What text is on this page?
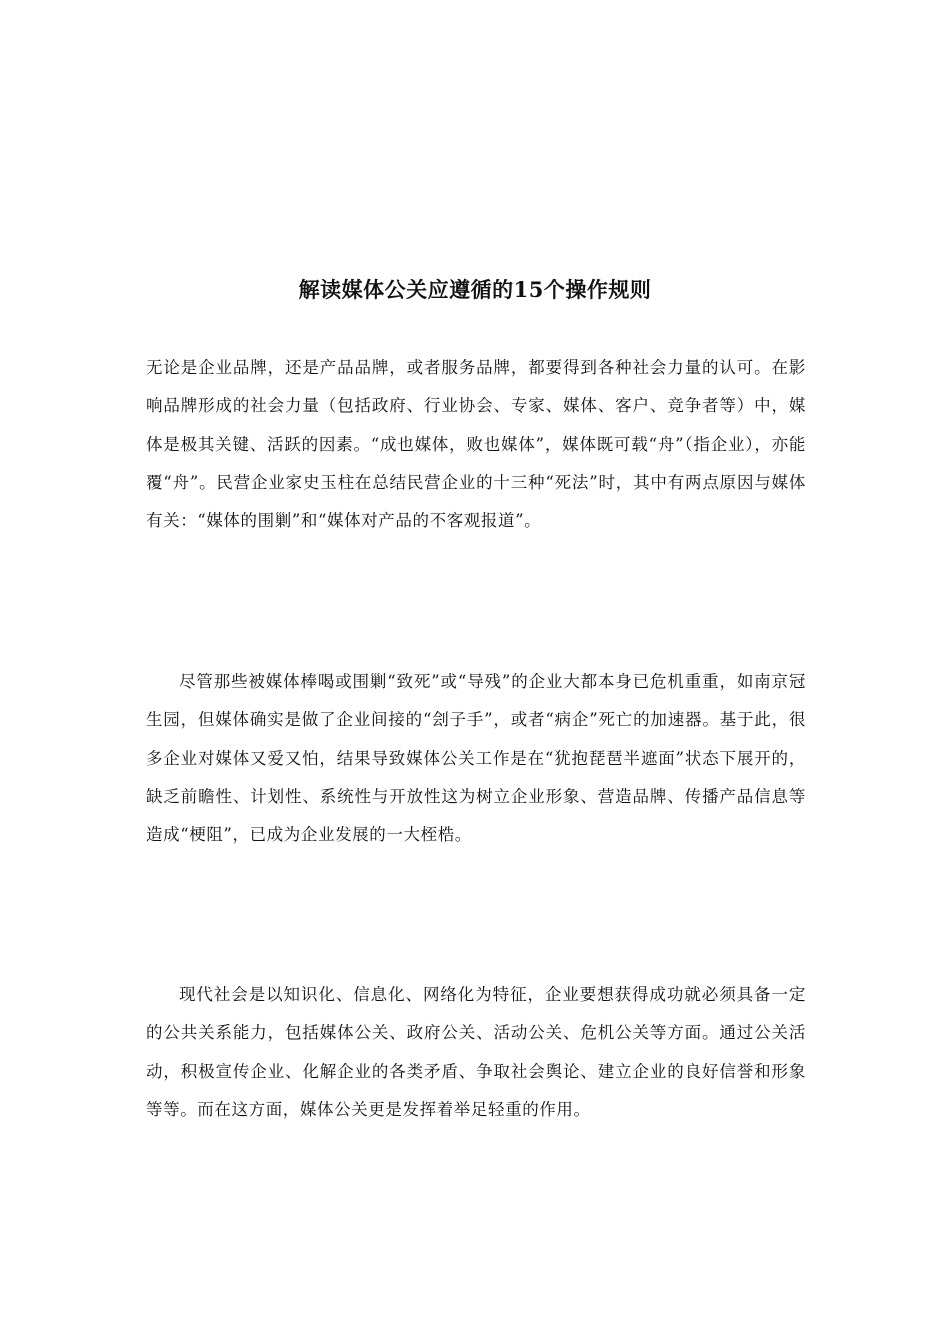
解读媒体公关应遵循的15个操作规则

无论是企业品牌，还是产品品牌，或者服务品牌，都要得到各种社会力量的认可。在影响品牌形成的社会力量（包括政府、行业协会、专家、媒体、客户、竞争者等）中，媒体是极其关键、活跃的因素。“成也媒体，败也媒体”，媒体既可载“舟”（指企业），亦能覆“舟”。民营企业家史玉柱在总结民营企业的十三种“死法”时，其中有两点原因与媒体有关：“媒体的围剿”和“媒体对产品的不客观报道”。

尽管那些被媒体棒喝或围剿“致死”或“导残”的企业大都本身已危机重重，如南京冠生园，但媒体确实是做了企业间接的“刽子手”，或者“病企”死亡的加速器。基于此，很多企业对媒体又爱又怕，结果导致媒体公关工作是在“犹抱琵琶半遮面”状态下展开的，缺乏前瞻性、计划性、系统性与开放性这为树立企业形象、营造品牌、传播产品信息等造成“梗阻”，已成为企业发展的一大桎梏。

现代社会是以知识化、信息化、网络化为特征，企业要想获得成功就必须具备一定的公共关系能力，包括媒体公关、政府公关、活动公关、危机公关等方面。通过公关活动，积极宣传企业、化解企业的各类矛盾、争取社会舆论、建立企业的良好信誉和形象等等。而在这方面，媒体公关更是发挥着举足轻重的作用。
